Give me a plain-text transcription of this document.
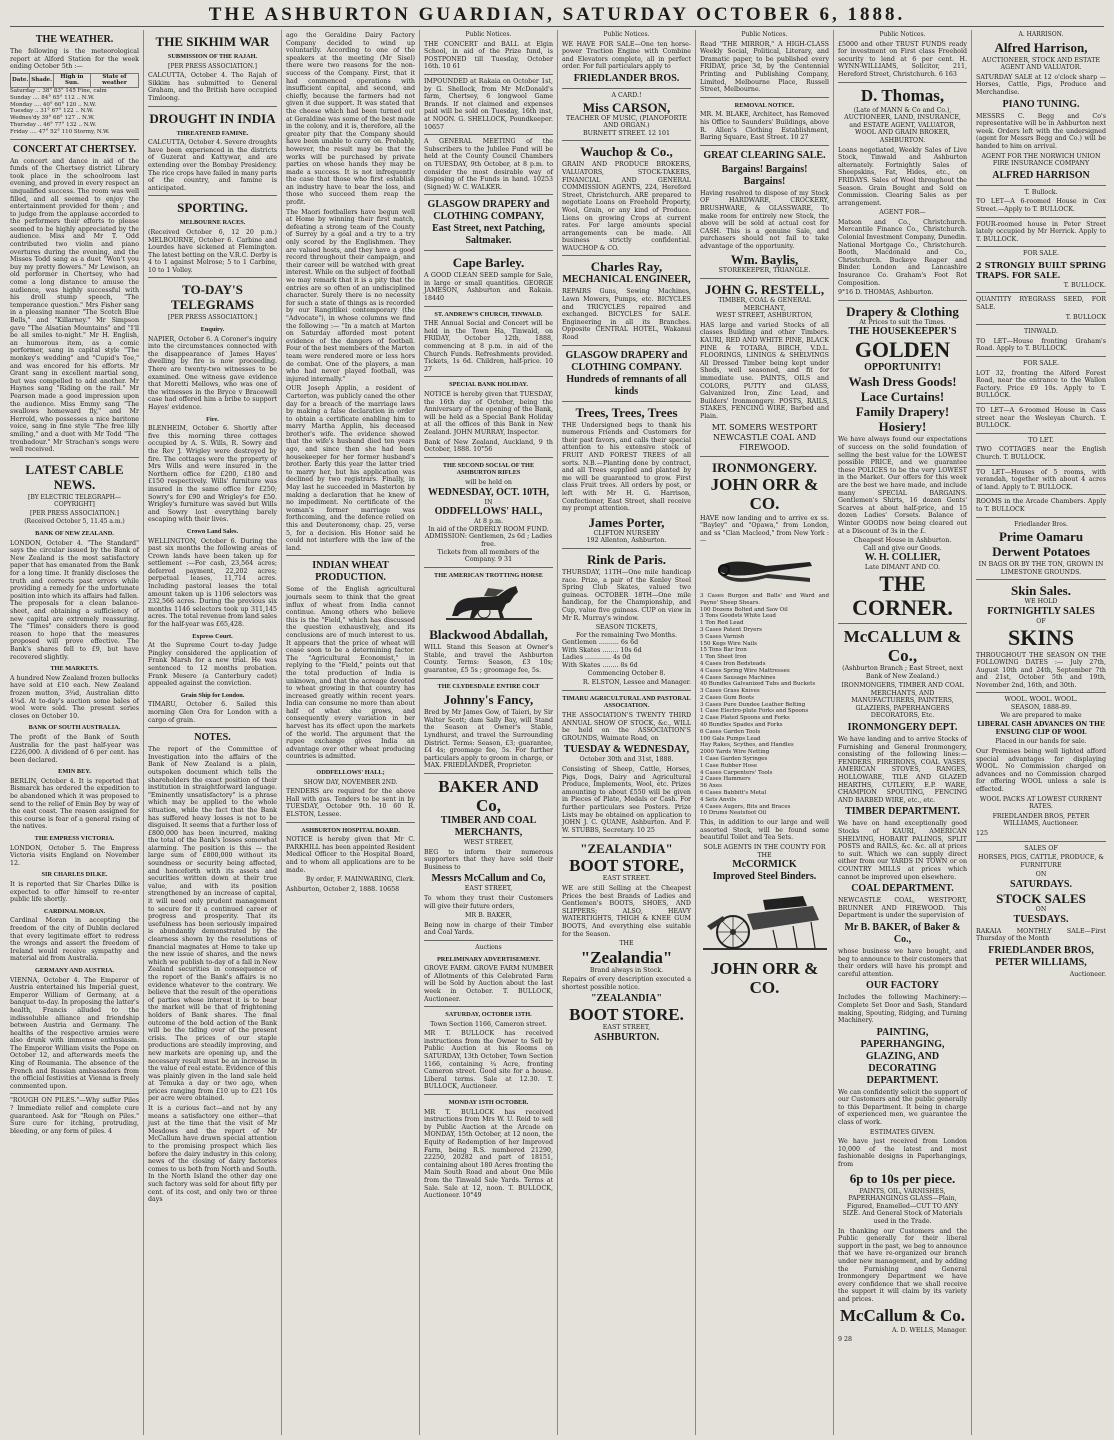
THE ASHBURTON GUARDIAN, SATURDAY OCTOBER 6, 1888.
THE WEATHER.
The following is the meteorological report at Alford Station for the week ending October 5th :—
Date.	Shade.	High in Sun.	State of weather
Saturday .. 38° 83° 145 Fine, calm
Sunday .... 84° 65° 112 .. N.W.
Monday .... 40° 60° 120 .. N.W.
Tuesday .. 31° 67° 122 .. N.W.
Wednes'dy 39° 68° 127 .. N.W.
Thursday .. 46° 77° 132 .. N.W.
Friday .... 47° 52° 110 Stormy, N.W.
CONCERT AT CHERTSEY.
An concert and dance in aid of the funds of the Chertsey district Library took place in the schoolroom last evening, and proved in every respect an unqualified success. The room was well filled, and all seemed to enjoy the entertainment provided for them ; and to judge from the applause accorded to the performers their efforts to please seemed to be highly appreciated by the audience. Miss and Mr T. Odd contributed two violin and piano overtures during the evening, and the Misses Todd sang as a duet "Won't you buy my pretty flowers." Mr Lewison, an old performer in Chertsey, who had come a long distance to amuse the audience, was highly successful with his droll stump speech, "The temperance question." Mrs Fisher sang in a pleasing manner "The Scotch Blue Bells," and "Killarney." Mr Simpson gave "The Alsatian Mountains" and "I'll be all smiles to-night." Mr H. English, an humorous item, as a comic performer, sang in capital style "The monkey's wedding" and "Cupid's Toe," and was encored for his efforts. Mr Grant sang in excellent martial song, but was compelled to add another. Mr Haynes sang "Riding on the rail." Mr Pearson made a good impression upon the audience. Miss Emmy sang "The swallows homeward fly," and Mr Herrold, who possesses a nice baritone voice, sang in fine style "The free lilly smiling," and a duet with Mr Todd "The troubadour." Mr Strachan's songs were well received.
LATEST CABLE NEWS.
[BY ELECTRIC TELEGRAPH—COPYRIGHT]
[PER PRESS ASSOCIATION.]
(Received October 5, 11.45 a.m.)
BANK OF NEW ZEALAND.
LONDON, October 4. "The Standard" says the circular issued by the Bank of New Zealand is the most satisfactory paper that has emanated from the Bank for a long time. It frankly discloses the truth and corrects past errors while providing a remedy for the unfortunate position into which its affairs had fallen. The proposals for a clean balance-sheet, and obtaining a sufficiency of new capital are extremely reassuring. The "Times" considers there is good reason to hope that the measures proposed will prove effective. The Bank's shares fell to £9, but have recovered slightly.
THE MARKETS.
A hundred New Zealand frozen bullocks have sold at £10 each. New Zealand frozen mutton, 3¾d, Australian ditto 4¼d. At to-day's auction some bales of wool were sold. The present series closes on October 10.
BANK OF SOUTH AUSTRALIA.
The profit of the Bank of South Australia for the past half-year was £226,000. A dividend of 6 per cent. has been declared.
EMIN BEY.
BERLIN, October 4. It is reported that Bismarck has ordered the expedition to be abandoned which it was proposed to send to the relief of Emin Bey by way of the east coast. The reason assigned for this course is fear of a general rising of the natives.
THE EMPRESS VICTORIA.
LONDON, October 5. The Empress Victoria visits England on November 12.
SIR CHARLES DILKE.
It is reported that Sir Charles Dilke is expected to offer himself to re-enter public life shortly.
CARDINAL MORAN.
Cardinal Moran in accepting the freedom of the city of Dublin declared that every legitimate effort to redress the wrongs and assert the freedom of Ireland would receive sympathy and material aid from Australia.
GERMANY AND AUSTRIA.
VIENNA, October 4. The Emperor of Austria entertained his Imperial guest, Emperor William of Germany, at a banquet to-day. In proposing the latter's health, Francis alluded to the indissoluble alliance and friendship between Austria and Germany. The healths of the respective armies were also drunk with immense enthusiasm. The Emperor William visits the Pope on October 12, and afterwards meets the King of Roumania. The absence of the French and Russian ambassadors from the official festivities at Vienna is freely commented upon.
"ROUGH ON PILES."—Why suffer Piles ? Immediate relief and complete cure guaranteed. Ask for "Rough on Piles." Sure cure for itching, protruding, bleeding, or any form of piles. 4
THE SIKHIM WAR
SUBMISSION OF THE RAJAH.
[PER PRESS ASSOCIATION.]
CALCUTTA, October 4. The Rajah of Sikkim has submitted to General Graham, and the British have occupied Timloong.
DROUGHT IN INDIA
THREATENED FAMINE.
CALCUTTA, October 4. Severe droughts have been experienced in the districts of Guzerat and Kattywar, and are extending over the Bombay Presidency. The rice crops have failed in many parts of the country, and famine is anticipated.
SPORTING.
MELBOURNE RACES.
(Received October 6, 12 20 p.m.) MELBOURNE, October 6. Carbine and Lourdes have sickened at Flemington. The latest betting on the V.R.C. Derby is 4 to 1 against Melrose; 5 to 1 Carbine, 10 to 1 Volley.
TO-DAY'S TELEGRAMS
[PER PRESS ASSOCIATION.]
Enquiry.
NAPIER, October 6. A Coroner's inquiry into the circumstances connected with the disappearance of James Hayes' dwelling by fire is now proceeding. There are twenty-two witnesses to be examined. One witness gave evidence that Moretti Mellows, who was one of the witnesses in the Bryce v Bracewell case had offered him a bribe to support Hayes' evidence.
Fire.
BLENHEIM, October 6. Shortly after five this morning three cottages occupied by A. S. Wills, R. Sowry and the Rev J. Wrigley were destroyed by fire. The cottages were the property of Mrs Wills and were insured in the Northern office for £200, £180 and £150 respectively. Wills' furniture was insured in the same office for £250; Sowry's for £90 and Wrigley's for £50. Wrigley's furniture was saved but Wills and Sowry lost everything barely escaping with their lives.
Crown Land Sales.
WELLINGTON, October 6. During the past six months the following areas of Crown lands have been taken up for settlement :—For cash, 23,564 acres; deferred payment, 22,202 acres; perpetual leases, 11,714 acres. Including pastoral leases the total amount taken up is 1106 selectors was 232,566 acres. During the previous six months 1146 selectors took up 311,145 acres. The total revenue from land sales for the half-year was £65,428.
Express Court.
At the Supreme Court to-day Judge Pingley considered the application of Frank Marsh for a new trial. He was sentenced to 12 months probation. Frank Mesere (a Canterbury cadet) appealed against the conviction.
Grain Ship for London.
TIMARU, October 6. Sailed this morning Glen Ora for London with a cargo of grain.
NOTES.
The report of the Committee of Investigation into the affairs of the Bank of New Zealand is a plain, outspoken document which tells the shareholders the exact position of their institution in straightforward language. "Eminently unsatisfactory" is a phrase which may be applied to the whole situation, while the fact that the Bank has suffered heavy losses is not to be disguised. It seems that a further loss of £800,000 has been incurred, making the total of the Bank's losses somewhat alarming. The position is this — the large sum of £800,000 without its soundness or security being affected, and henceforth with its assets and securities written down at their true value, and with its position strengthened by an increase of capital, it will need only prudent management to secure for it a continued career of progress and prosperity. That its usefulness has been seriously impaired is abundantly demonstrated by the clearness shown by the resolutions of financial magnates at Home to take up the new issue of shares, and the news which we publish to-day of a fall in New Zealand securities in consequence of the report of the Bank's affairs is no evidence whatever to the contrary. We believe that the result of the operations of parties whose interest it is to bear the market will be that of frightening holders of Bank shares. The final outcome of the bold action of the Bank will be the tiding over of the present crisis. The prices of our staple productions are steadily improving, and new markets are opening up, and the necessary result must be an increase in the value of real estate. Evidence of this was plainly given in the land sale held at Temuka a day or two ago, when prices ranging from £10 up to £21 10s per acre were obtained.
It is a curious fact—and not by any means a satisfactory one either—that just at the time that the visit of Mr Mesdows and the report of Mr McCallum have drawn special attention to the promising prospect which lies before the dairy industry in this colony, news of the closing of dairy factories comes to us both from North and South. In the North Island the other day one such factory was sold for about fifty per cent. of its cost, and only two or three days
ago the Geraldine Dairy Factory Company decided to wind up voluntarily. According to one of the speakers at the meeting (Mr Sisel) there were two reasons for the non-success of the Company. First, that it had commenced operations with insufficient capital, and second, and chiefly, because the farmers had not given it due support. It was stated that the cheese which had been turned out at Geraldine was some of the best made in the colony, and it is, therefore, all the greater pity that the Company should have been unable to carry on. Probably, however, the result may be that the works will be purchased by private parties on whose hands they may be made a success. It is not infrequently the case that those who first establish an industry have to bear the loss, and those who succeed them reap the profit.
The Maori footballers have begun well at Home by winning their first match, defeating a strong team of the County of Surrey by a goal and a try to a try only scored by the Englishmen. They are valued hosts, and they have a good record throughout their campaign, and their career will be watched with great interest. While on the subject of football we may remark that it is a pity that the entries are so often of an undisciplined character. Surely there is no necessity for such a state of things as is recorded by our Rangitikei contemporary (the "Advocate"), in whose columns we find the following :— "In a match at Marton on Saturday afforded most potent evidence of the dangers of football. Four of the best members of the Marton team were rendered more or less hors de combat. One of the players, a man who had never played football, was injured internally."
OUR Joseph Applin, a resident of Carterton, was publicly caned the other day for a breach of the marriage laws by making a false declaration in order to obtain a certificate enabling him to marry Martha Applin, his deceased brother's wife. The evidence showed that the wife's husband died ten years ago, and since then she had been housekeeper for her former husband's brother. Early this year the latter tried to marry her, but his application was declined by two registrars. Finally, in May last he succeeded in Masterton by making a declaration that he knew of no impediment. No certificate of the woman's former marriage was forthcoming, and the defence relied on this and Deuteronomy, chap. 25, verse 5, for a decision. His Honor said he could not interfere with the law of the land.
INDIAN WHEAT PRODUCTION.
Some of the English agricultural journals seem to think that the great influx of wheat from India cannot continue. Among others who believe this is the "Field," which has discussed the question exhaustively, and its conclusions are of much interest to us. It appears that the price of wheat will cease soon to be a determining factor. The "Agricultural Economist," in replying to the "Field," points out that the total production of India is unknown, and that the acreage devoted to wheat growing in that country has increased greatly within recent years. India can consume no more than about half of what she grows, and consequently every variation in her harvest has its effect upon the markets of the world. The argument that the rupee exchange gives India an advantage over other wheat producing countries is admitted.
ODDFELLOWS' HALL;
SHOW DAY, NOVEMBER 2ND.
TENDERS are required for the above Hall with gas. Tenders to be sent in by TUESDAY, October 9th. 10 60 R. ELSTON, Lessee.
ASHBURTON HOSPITAL BOARD.
NOTICE is hereby given that Mr C. PARKHILL has been appointed Resident Medical Officer to the Hospital Board, and to whom all applications are to be made.
By order, F. MAINWARING, Clerk.
Ashburton, October 2, 1888. 10658
Public Notices.
THE CONCERT and BALL at Elgin School, in aid of the Prize fund, is POSTPONED till Tuesday, October 16th. 10 61
IMPOUNDED at Rakaia on October 1st, by G. Shellock, from Mr McDonald's farm, Chertsey, 6 longwool Game Brands. If not claimed and expenses paid will be sold on Tuesday, 16th inst, at NOON. G. SHELLOCK, Poundkeeper. 10657
A GENERAL MEETING of the Subscribers to the Jubilee Fund will be held at the County Council Chambers on TUESDAY, 9th October, at 8 p.m. to consider the most desirable way of disposing of the Funds in hand. 10253 (Signed) W. C. WALKER.
GLASGOW DRAPERY and CLOTHING COMPANY, East Street, next Patching, Saltmaker.
Cape Barley.
A GOOD CLEAN SEED sample for Sale, in large or small quantities. GEORGE JAMESON, Ashburton and Rakaia. 18440
ST. ANDREW'S CHURCH, TINWALD.
THE Annual Social and Concert will be held in the Town Ha, Tinwald, on FRIDAY, October 12th, 1888, commencing at 8 p.m. in aid of the Church Funds. Refreshments provided. Tickets, 1s 6d. Children, half-price. 10 27
SPECIAL BANK HOLIDAY.
NOTICE is hereby given that TUESDAY, the 16th day of October, being the Anniversary of the opening of the Bank, will be held as a Special Bank Holiday at all the offices of this Bank in New Zealand. JOHN MURRAY, Inspector.
Bank of New Zealand, Auckland, 9 th October, 1888. 10°56
THE SECOND SOCIAL OF THE ASHBURTON RIFLES
will be held on
WEDNESDAY, OCT. 10TH,
IN
ODDFELLOWS' HALL,
At 8 p.m.
In aid of the ORDERLY ROOM FUND.
ADMISSION: Gentlemen, 2s 6d ; Ladies free.
Tickets from all members of the Company. 9 31
THE AMERICAN TROTTING HORSE
Blackwood Abdallah,
WILL Stand this Season at Owner's Stable, and travel the Ashburton County. Terms: Season, £3 10s; guarantee, £5 5s ; groomage fee, 5s.
THE CLYDESDALE ENTIRE COLT
Johnny's Fancy,
Bred by Mr James Gow, of Taieri, by Sir Walter Scott; dam Sally Bay, will Stand the Season at Owner's Stable, Lyndhurst, and travel the Surrounding District. Terms: Season, £3; guarantee, £4 4s; groomage fee, 5s. For further particulars apply to groom in charge, or MAX. FRIEDLANDER, Proprietor.
BAKER AND Co,
TIMBER AND COAL
MERCHANTS,
WEST STREET,
BEG to inform their numerous supporters that they have sold their Business to
Messrs McCallum and Co,
EAST STREET,
To whom they trust their Customers will give their future orders,
MR B. BAKER,
Being now in charge of their Timber and Coal Yards.
Auctions
PRELIMINARY ADVERTISEMENT.
GROVE FARM. GROVE FARM NUMBER of Allotments of this Celebrated Farm will be Sold by Auction about the last week in October. T. BULLOCK, Auctioneer.
SATURDAY, OCTOBER 13TH.
Town Section 1166, Cameron street.
MR T. BULLOCK has received instructions from the Owner to Sell by Public Auction at his Rooms on SATURDAY, 13th October, Town Section 1166, containing ¼ Acre, fronting Cameron street. Good site for a house. Liberal terms. Sale at 12.30. T. BULLOCK, Auctioneer.
MONDAY 15TH OCTOBER.
MR T. BULLOCK has received instructions from Mrs W. U. Reid to sell by Public Auction at the Arcade on MONDAY, 15th October, at 12 noon, the Equity of Redemption of her Improved Farm, being R.S. numbered 21290, 22250, 20282 and part of 18151, containing about 180 Acres fronting the Main South Road and about One Mile from the Tinwald Sale Yards. Terms at Sale. Sale at 12, noon. T. BULLOCK, Auctioneer. 10°49
Public Notices.
WE HAVE FOR SALE—One ten horse-power Traction Engine with Combine and Elevators complete, all in perfect order. For full particulars apply to
FRIEDLANDER BROS.
A CARD.!
Miss CARSON,
TEACHER OF MUSIC, (PIANOFORTE AND ORGAN.)
BURNETT STREET. 12 101
Wauchop & Co.,
GRAIN AND PRODUCE BROKERS, VALUATORS, STOCK-TAKERS, FINANCIAL AND GENERAL COMMISSION AGENTS, 224, Hereford Street, Christchurch. ARE prepared to negotiate Loans on Freehold Property, Wool, Grain, or any kind of Produce. Liens on growing Crops at current rates. For large amounts special arrangements can be made. All business strictly confidential. WAUCHOP & CO.
Charles Ray,
MECHANICAL ENGINEER,
REPAIRS Guns, Sewing Machines, Lawn Mowers, Pumps, etc. BICYCLES and TRICYCLES repaired and exchanged. BICYCLES for SALE. Engineering in all its Branches. Opposite CENTRAL HOTEL, Wakanui Road
GLASGOW DRAPERY and CLOTHING COMPANY. Hundreds of remnants of all kinds
Trees, Trees, Trees
THE Undersigned begs to thank his numerous Friends and Customers for their past favors, and calls their special attention to his extensive stock of FRUIT AND FOREST TREES of all sorts. N.B.—Planting done by contract, and all Trees supplied and planted by me will be guaranteed to grow. First class Fruit trees. All orders by post, or left with Mr H. G. Harrison, Confectioner, East Street, shall receive my prompt attention.
James Porter,
CLIFTON NURSERY
192 Allenton, Ashburton.
Rink de Paris.
THURSDAY, 11TH—One mile handicap race. Prize, a pair of the Kenley Steel Spring Club Skates, valued two guineas. OCTOBER 18TH—One mile handicap, for the Championship, and Cup, value five guineas. CUP on view in Mr R. Murray's window.
SEASON TICKETS,
For the remaining Two Months.
Gentlemen .......... 6s 6d
With Skates ........ 10s 6d
Ladies ............. 4s 0d
With Skates ........ 8s 6d
Commencing October 8.
R. ELSTON, Lessee and Manager.
TIMARU AGRICULTURAL AND PASTORAL ASSOCIATION.
THE ASSOCIATION'S TWENTY THIRD ANNUAL SHOW OF STOCK, &c., WILL be held on the ASSOCIATION'S GROUNDS, Waimate Road, on
TUESDAY & WEDNESDAY,
October 30th and 31st, 1888.
Consisting of Sheep, Cattle, Horses, Pigs, Dogs, Dairy and Agricultural Produce, Implements, Wool, etc. Prizes amounting to about £550 will be given in Pieces of Plate, Medals or Cash. For further particulars see Posters. Prize Lists may be obtained on application to JOHN J. C. QUANE, Ashburton. And F. W. STUBBS, Secretary. 10 25
"ZEALANDIA"
BOOT STORE,
EAST STREET.
WE are still Selling at the Cheapest Prices the best Brands of Ladies and Gentlemen's BOOTS, SHOES, AND SLIPPERS; ALSO, HEAVY WATERTIGHTS, THIGH & KNEE GUM BOOTS, And everything else suitable for the Season.
THE
"Zealandia"
Brand always in Stock.
Repairs of every description executed a shortest possible notice.
"ZEALANDIA"
BOOT STORE.
EAST STREET,
ASHBURTON.
Public Notices.
Read "THE MIRROR," A HIGH-CLASS Weekly Social, Political, Literary, and Dramatic paper, to be published every FRIDAY, price 3d, by the Centennial Printing and Publishing Company, Limited, Melbourne Place, Russell Street, Melbourne.
REMOVAL NOTICE.
MR. M. BLAKE, Architect, has Removed his Office to Saunders' Buildings, above R. Allen's Clothing Establishment, Baring Square, East Street. 10 27
GREAT CLEARING SALE.
Bargains! Bargains! Bargains!
Having resolved to dispose of my Stock OF HARDWARE, CROCKERY, BRUSHWARE, & GLASSWARE, To make room for entirely new Stock, the above will be sold at actual cost for CASH. This is a genuine Sale, and purchasers should not fail to take advantage of the opportunity.
Wm. Baylis,
STOREKEEPER, TRIANGLE.
JOHN G. RESTELL,
TIMBER, COAL & GENERAL MERCHANT,
WEST STREET, ASHBURTON,
HAS large and varied Stocks of all classes Building and other Timbers. KAURI, RED AND WHITE PINE, BLACK PINE & TOTARA, BIRCH, V.D.L. FLOORINGS, LININGS & SHELVINGS All Dressed Timber being kept under Sheds, well seasoned, and fit for immediate use. PAINTS, OILS and COLORS, PUTTY and GLASS, Galvanized Iron, Zinc Lead, and Builders' Ironmongery. POSTS, RAILS, STAKES, FENCING WIRE, Barbed and Plain.
MT. SOMERS WESTPORT NEWCASTLE COAL AND FIREWOOD.
IRONMONGERY.
JOHN ORR & CO.
HAVE now landing and to arrive ex ss. "Bayley" and "Opawa," from London, and ss "Clan Macleod," from New York :—
3 Cases Burgon and Balls' and Ward and Payne' Sheep Shears.
100 Dozens Bolted and Saw Oil
3 Tons Goodsts White Lead
1 Ton Red Lead
3 Cases Patent Dryers
5 Cases Varnish
150 Kegs Wire Nails
15 Tons Bar Iron
1 Ton Sheet Iron
4 Cases Iron Bedsteads
4 Cases Spring Wire Mattresses
4 Cases Sausage Machines
40 Bundles Galvanized Tubs and Buckets
3 Cases Grass Knives
2 Cases Gum Boots
3 Cases Pure Dundee Leather Belting
1 Case Electro-plate Forks and Spoons
2 Case Plated Spoons and Forks
40 Bundles Spades and Forks
6 Cases Garden Tools
100 Gals Pumps Lead
Hay Rakes, Scythes, and Handles
2000 Yards Wire Netting
1 Case Garden Syringes
1 Case Rubber Hose
4 Cases Carpenters' Tools
2 Cases Hammers
56 Axes
6 Cases Babbitt's Metal
4 Sets Anvils
4 Cases Augers, Bits and Braces
10 Drums Neatsfoot Oil
This, in addition to our large and well assorted Stock, will be found some beautiful Toilet and Tea Sets.
SOLE AGENTS IN THE COUNTY FOR THE
McCORMICK
Improved Steel Binders.
JOHN ORR & CO.
Public Notices.
£5000 and other TRUST FUNDS ready for investment on First class Freehold security to lend at 6 per cent. H. WYNN-WILLIAMS, Solicitor, 211, Hereford Street, Christchurch. 6 163
D. Thomas,
(Late of MANN & Co and Co.), AUCTIONEER, LAND, INSURANCE, and ESTATE AGENT, VALUATOR, WOOL AND GRAIN BROKER, ASHBURTON.
Loans negotiated, Weekly Sales of Live Stock, Tinwald and Ashburton alternately. Fortnightly Sales of Sheepskins, Fat, Hides, etc., on FRIDAYS. Sales of Wool throughout the Season. Grain Bought and Sold on Commission. Clearing Sales as per arrangement.
AGENT FOR—
Matson and Co., Christchurch. Mercantile Finance Co., Christchurch. Colonial Investment Company, Dunedin. National Mortgage Co., Christchurch. Booth, Macdonald and Co., Christchurch. Buckeye Reaper and Binder. London and Lancashire Insurance Co. Graham's Foot Rot Composition.
9°16 D. THOMAS, Ashburton.
Drapery & Clothing
At Prices to suit the Times.
THE HOUSEKEEPER'S
GOLDEN
OPPORTUNITY!
Wash Dress Goods!
Lace Curtains!
Family Drapery!
Hosiery!
We have always found our expectations of success on the solid foundation of selling the best value for the LOWEST possible PRICE, and we guarantee these POLICES to be the very LOWEST in the Market. Our offers for this week are the best we have made, and include many SPECIAL BARGAINS. Gentlemen's Shirts, 16 dozen Gents' Scarves at about half-price, and 15 dozen Ladies' Corsets. Balance of Winter GOODS now being cleared out at a Discount of 3s in the £.
Cheapest House in Ashburton.
Call and give our Goods.
W. H. COLLIER,
Late DIMANT AND CO.
THE CORNER.
McCALLUM & Co.,
(Ashburton Branch ; East Street, next Bank of New Zealand.)
IRONMONGERS, TIMBER AND COAL MERCHANTS, AND MANUFACTURERS, PAINTERS, GLAZIERS, PAPERHANGERS DECORATORS, Etc.
IRONMONGERY DEPT.
We have landing and to arrive Stocks of Furnishing and General Ironmongery, consisting of the following lines:— FENDERS, FIREIRONS, COAL VASES, AMERICAN STOVES, RANGES, HOLLOWARE, TILE AND GLAZED HEARTHS, CUTLERY, E.P. WARE, CHAMPION SPOUTING, FENCING AND BARBED WIRE, etc., etc.
TIMBER DEPARTMENT.
We have on hand exceptionally good Stocks of KAURI, AMERICAN SHELVING, HOBART PALINGS, SPLIT POSTS and RAILS, &c. &c. all at prices to suit. Which we can supply direct either from our YARDS IN TOWN or on COUNTRY MILLS at prices which cannot be improved upon elsewhere.
COAL DEPARTMENT.
NEWCASTLE COAL, WESTPORT, BRUNNER AND FIREWOOD. This Department is under the supervision of
Mr B. BAKER, of Baker & Co.,
whose business we have bought, and beg to announce to their customers that their orders will have his prompt and careful attention.
OUR FACTORY
Includes the following Machinery:— Complete Set Door and Sash, Standard making, Spouting, Ridging, and Turning Machinery.
PAINTING, PAPERHANGING, GLAZING, AND DECORATING DEPARTMENT.
We can confidently solicit the support of our Customers and the public generally to this Department. It being in charge of experienced men, we guarantee the class of work.
ESTIMATES GIVEN.
We have just received from London 10,000 of the latest and most fashionable designs in Paperhangings, from
6p to 10s per piece.
PAINTS, OIL, VARNISHES, PAPERHANGINGS GLASS—Plain, Figured, Enamelled—CUT TO ANY SIZE. And General Stock of Materials used in the Trade.
In thanking our Customers and the Public generally for their liberal support in the past, we beg to announce that we have re-organized our branch under new management, and by adding the Furnishing and General Ironmongery Department we have every confidence that we shall receive the support it will claim by its variety and prices.
McCallum & Co.
A. D. WELLS, Manager.
9 28
A. HARRISON.
Alfred Harrison,
AUCTIONEER, STOCK AND ESTATE AGENT AND VALUATOR.
SATURDAY SALE at 12 o'clock sharp —Horses, Cattle, Pigs, Produce and Merchandise.
PIANO TUNING.
MESSRS C. Begg and Co's representative will be in Ashburton next week. Orders left with the undersigned (agent for Messrs Begg and Co.) will be handed to him on arrival.
AGENT FOR THE NORWICH UNION FIRE INSURANCE COMPANY
ALFRED HARRISON
T. Bullock.
TO LET—A 6-roomed House in Cox Street.—Apply to T. BULLOCK.
FOUR-roomed house in Peter Street lately occupied by Mr Herrick. Apply to T. BULLOCK.
FOR SALE.
2 STRONGLY BUILT SPRING TRAPS. FOR SALE.
T. BULLOCK.
QUANTITY RYEGRASS SEED, FOR SALE.
T. BULLOCK
TINWALD.
TO LET—House fronting Graham's Road. Apply to T. BULLOCK.
FOR SALE.
LOT 32, fronting the Alford Forest Road, near the entrance to the Wallon Factory. Price £9 10s. Apply to T. BULLOCK.
TO LET—A 6-roomed House in Cass street near the Wesleyan Church. T. BULLOCK.
TO LET.
TWO COTTAGES near the English Church. T. BULLOCK.
TO LET—Houses of 5 rooms, with verandah, together with about 4 acres of land. Apply to T. BULLOCK.
ROOMS in the Arcade Chambers. Apply to T. BULLOCK
Friedlander Bros.
Prime Oamaru
Derwent Potatoes
IN BAGS OR BY THE TON, GROWN IN LIMESTONE GROUNDS.
Skin Sales.
WE HOLD
FORTNIGHTLY SALES
OF
SKINS
THROUGHOUT THE SEASON ON THE FOLLOWING DATES :— July 27th, August 10th and 24th, September 7th and 21st, October 5th and 19th, November 2nd, 16th, and 30th.
WOOL. WOOL. WOOL.
SEASON, 1888-89.
We are prepared to make
LIBERAL CASH ADVANCES ON THE ENSUING CLIP OF WOOL
Placed in our hands for sale.
Our Premises being well lighted afford special advantages for displaying WOOL. No Commission charged on advances and no Commission charged for offering WOOL unless a sale is effected.
WOOL PACKS AT LOWEST CURRENT RATES.
FRIEDLANDER BROS, PETER WILLIAMS, Auctioneer.
125
SALES OF
HORSES, PIGS, CATTLE, PRODUCE, & FURNITURE
ON
SATURDAYS.
STOCK SALES
ON
TUESDAYS.
RAKAIA MONTHLY SALE—First Thursday of the Month
FRIEDLANDER BROS,
PETER WILLIAMS,
Auctioneer.
